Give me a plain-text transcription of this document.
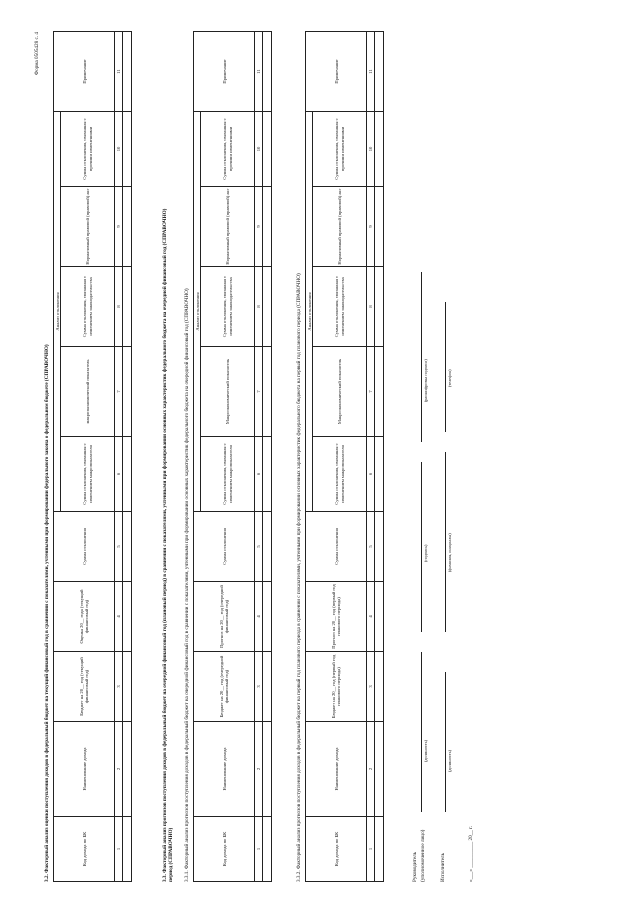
Форма 0505428 с. 4
3.2. Факторный анализ оценки поступления доходов в федеральный бюджет на текущий финансовый год в сравнении с показателями, учтенными при формировании федерального закона о федеральном бюджете (СПРАВОЧНО)	Код дохода по БК	Наименование дохода	Бюджет на 20__ год (текущий финансовый год)	Оценка 20__ года (текущий финансовый год)	Сумма отклонения	Анализ отклонения					Примечание
					Сумма отклонения, связанная с изменением макропоказателя	макроэкономический показатель	Сумма отклонения, связанная с изменением законодательства	Нормативный правовой (правовой) акт	Сумма отклонения, связанная с прочими изменениями	
1	2	3	4	5	6	7	8	9	10	11

3.3. Факторный анализ прогнозов поступления доходов в федеральный бюджет на очередной финансовый год (плановый период) в сравнении с показателями, учтенными при формировании основных характеристик федерального бюджета на очередной финансовый год (СПРАВОЧНО) период (СПРАВОЧНО) 3.3.1. Факторный анализ прогнозов поступления доходов в федеральный бюджет на очередной финансовый год в сравнении с показателями, учтенными при формировании основных характеристик федерального бюджета на очередной финансовый год (СПРАВОЧНО)	Код дохода по БК	Наименование дохода	Бюджет на 20__ год (очередной финансовый год)	Прогноз на 20__ год (очередной финансовый год)	Сумма отклонения	Анализ отклонения					Примечание
					Сумма отклонения, связанная с изменением макропоказателя	Макроэкономический показатель	Сумма отклонения, связанная с изменением законодательства	Нормативный правовой (правовой) акт	Сумма отклонения, связанная с прочими изменениями	
1	2	3	4	5	6	7	8	9	10	11

3.3.2. Факторный анализ прогнозов поступления доходов в федеральный бюджет на первый год планового периода в сравнении с показателями, учтенными при формировании основных характеристик федерального бюджета на первый год планового периода (СПРАВОЧНО)	Код дохода по БК	Наименование дохода	Бюджет на 20__ год (первый год планового периода)	Прогноз на 20__ год (первый год планового периода)	Сумма отклонения	Анализ отклонения					Примечание
					Сумма отклонения, связанная с изменением макропоказателя	Макроэкономический показатель	Сумма отклонения, связанная с изменением законодательства	Нормативный правовой (правовой) акт	Сумма отклонения, связанная с прочими изменениями	
1	2	3	4	5	6	7	8	9	10	11

Руководитель (уполномоченное лицо)
(должность)
(подпись)
(расшифровка подписи)
Исполнитель
(должность)
(фамилия, инициалы)
(телефон)
«___» __________ 20__ г.
